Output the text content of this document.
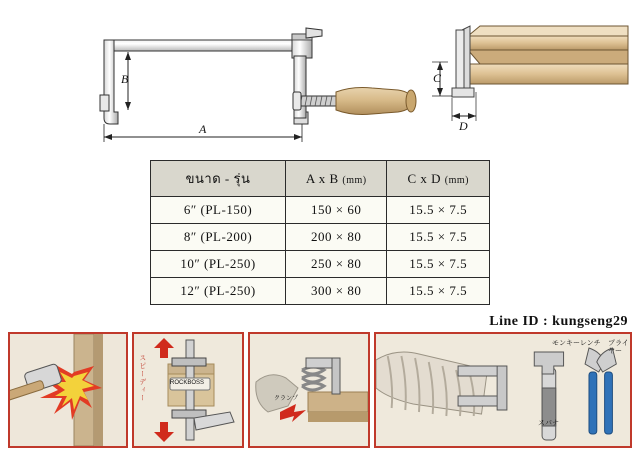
B
A
C
D
ขนาด - รุ่น	A x B (mm)	C x D (mm)
6″ (PL-150)	150 × 60	15.5 × 7.5
8″ (PL-200)	200 × 80	15.5 × 7.5
10″ (PL-250)	250 × 80	15.5 × 7.5
12″ (PL-250)	300 × 80	15.5 × 7.5
Line ID : kungseng29
スピーディー	ROCKBOSS
クランプ
モンキーレンチ プライヤー
スパナ
